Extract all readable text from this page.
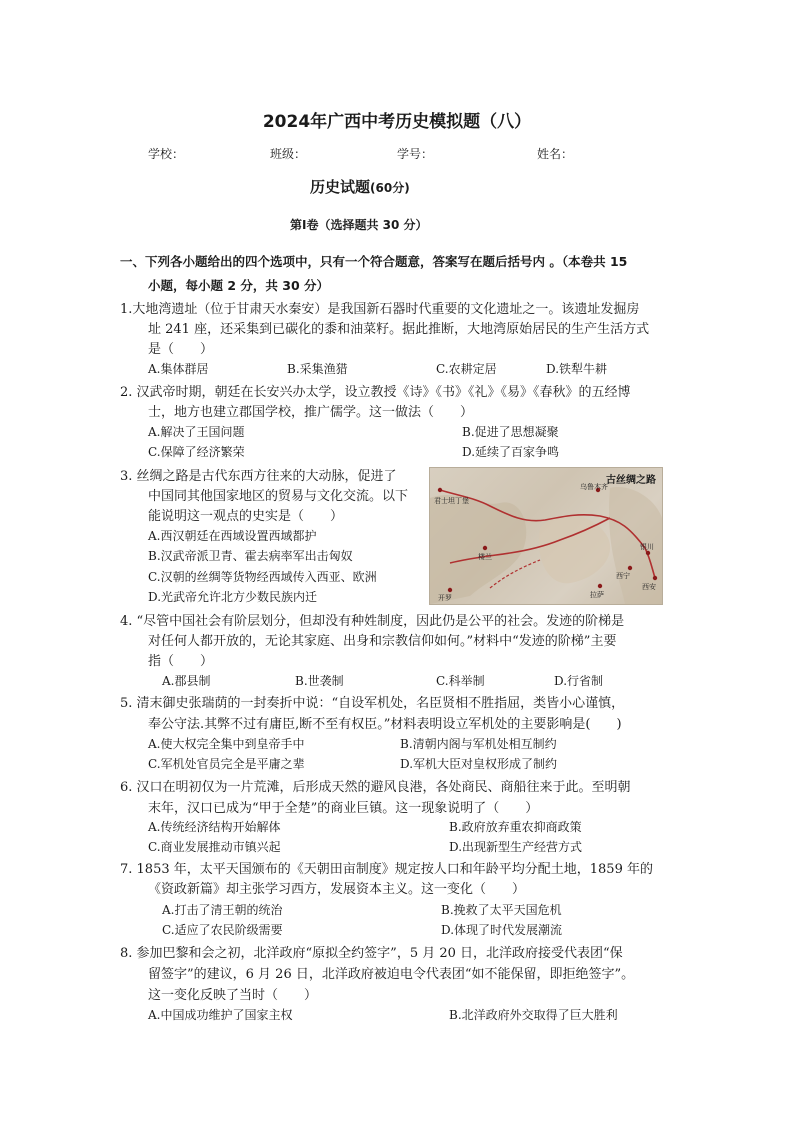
2024年广西中考历史模拟题（八）
学校：	班级：	学号：	姓名：
历史试题(60分)
第Ⅰ卷（选择题共 30 分）
一、下列各小题给出的四个选项中，只有一个符合题意，答案写在题后括号内 。（本卷共 15
小题，每小题 2 分，共 30 分）
1.大地湾遗址（位于甘肃天水秦安）是我国新石器时代重要的文化遗址之一。该遗址发掘房
址 241 座，还采集到已碳化的黍和油菜籽。据此推断，大地湾原始居民的生产生活方式
是（　　）
A.集体群居	B.采集渔猎	C.农耕定居	D.铁犁牛耕
2. 汉武帝时期，朝廷在长安兴办太学，设立教授《诗》《书》《礼》《易》《春秋》的五经博
士，地方也建立郡国学校，推广儒学。这一做法（　　）
A.解决了王国问题	B.促进了思想凝聚
C.保障了经济繁荣	D.延续了百家争鸣
3. 丝绸之路是古代东西方往来的大动脉，促进了
中国同其他国家地区的贸易与文化交流。以下
能说明这一观点的史实是（　　）
A.西汉朝廷在西域设置西域都护
B.汉武帝派卫青、霍去病率军出击匈奴
C.汉朝的丝绸等货物经西域传入西亚、欧洲
D.光武帝允许北方少数民族内迁
古丝绸之路
乌鲁木齐
君士坦丁堡
楼兰
银川
西宁
西安
拉萨
开罗
4. “尽管中国社会有阶层划分，但却没有种姓制度，因此仍是公平的社会。发迹的阶梯是
对任何人都开放的，无论其家庭、出身和宗教信仰如何。”材料中“发迹的阶梯”主要
指（　　）
A.郡县制	B.世袭制	C.科举制	D.行省制
5. 清末御史张瑞荫的一封奏折中说：“自设军机处，名臣贤相不胜指屈，类皆小心谨慎，
奉公守法.其弊不过有庸臣,断不至有权臣。”材料表明设立军机处的主要影响是(　　)
A.使大权完全集中到皇帝手中	B.清朝内阁与军机处相互制约
C.军机处官员完全是平庸之辈	D.军机大臣对皇权形成了制约
6. 汉口在明初仅为一片荒滩，后形成天然的避风良港，各处商民、商船往来于此。至明朝
末年，汉口已成为“甲于全楚”的商业巨镇。这一现象说明了（　　）
A.传统经济结构开始解体	B.政府放弃重农抑商政策
C.商业发展推动市镇兴起	D.出现新型生产经营方式
7. 1853 年，太平天国颁布的《天朝田亩制度》规定按人口和年龄平均分配土地，1859 年的
《资政新篇》却主张学习西方，发展资本主义。这一变化（　　）
A.打击了清王朝的统治	B.挽救了太平天国危机
C.适应了农民阶级需要	D.体现了时代发展潮流
8. 参加巴黎和会之初，北洋政府“原拟全约签字”，5 月 20 日，北洋政府接受代表团“保
留签字”的建议，6 月 26 日，北洋政府被迫电令代表团“如不能保留，即拒绝签字”。
这一变化反映了当时（　　）
A.中国成功维护了国家主权	B.北洋政府外交取得了巨大胜利
